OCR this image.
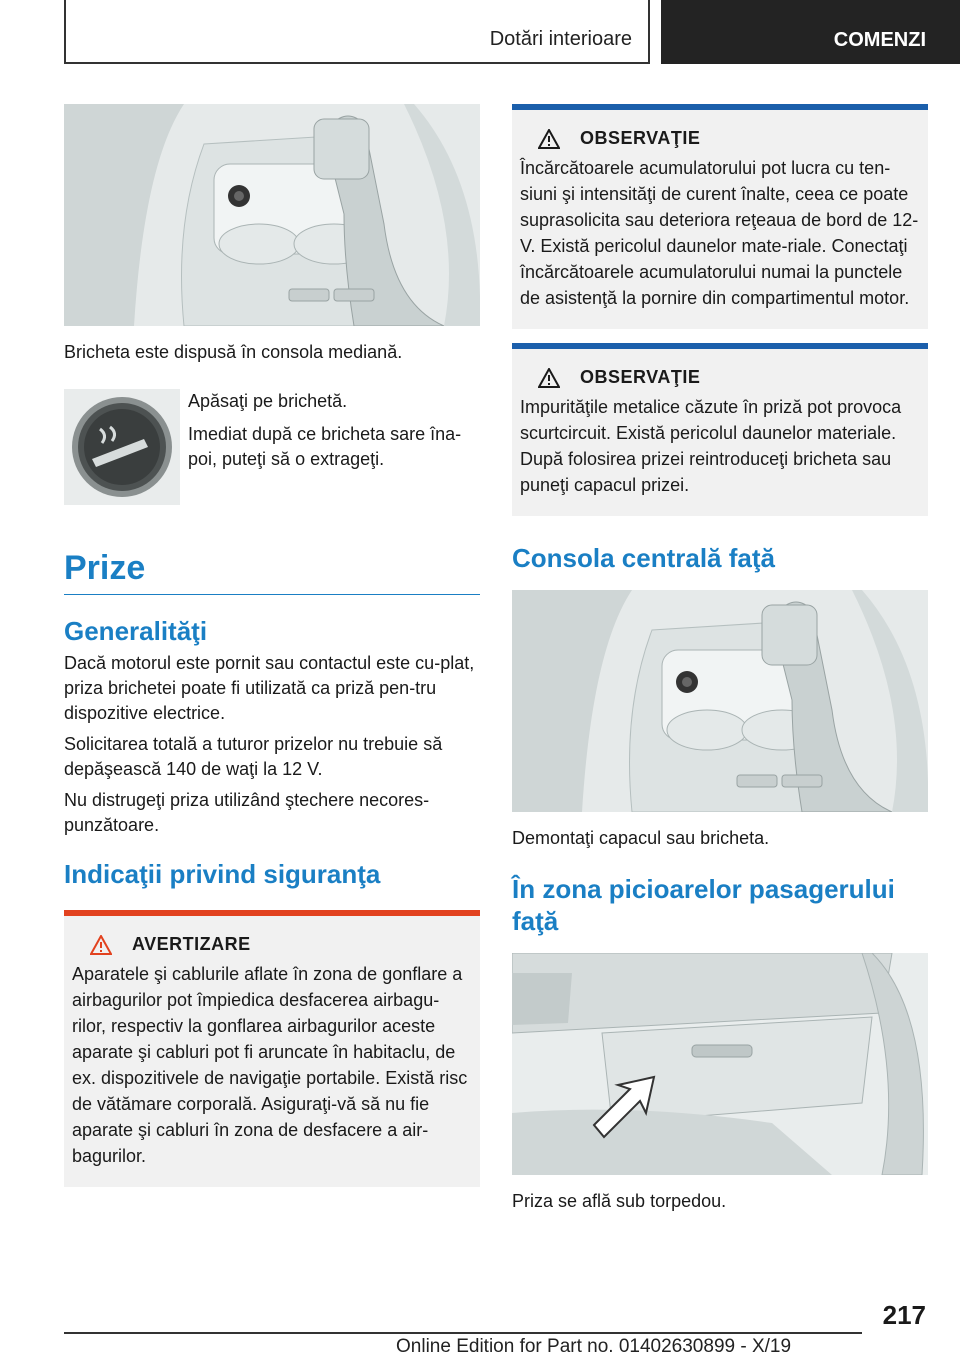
Dotări interioare	COMENZI
Bricheta este dispusă în consola mediană.

Apăsaţi pe brichetă.

Imediat după ce bricheta sare îna-poi, puteţi să o extrageţi.

Prize
Generalităţi

Dacă motorul este pornit sau contactul este cu-plat, priza brichetei poate fi utilizată ca priză pen-tru dispozitive electrice.

Solicitarea totală a tuturor prizelor nu trebuie să depăşească 140 de waţi la 12 V.

Nu distrugeţi priza utilizând ştechere necores-punzătoare.

Indicaţii privind siguranţa
AVERTIZARE
Aparatele şi cablurile aflate în zona de gonflare a airbagurilor pot împiedica desfacerea airbagu-rilor, respectiv la gonflarea airbagurilor aceste aparate şi cabluri pot fi aruncate în habitaclu, de ex. dispozitivele de navigaţie portabile. Există risc de vătămare corporală. Asiguraţi-vă să nu fie aparate şi cabluri în zona de desfacere a air-bagurilor.
OBSERVAŢIE
Încărcătoarele acumulatorului pot lucra cu ten-siuni şi intensităţi de curent înalte, ceea ce poate suprasolicita sau deteriora reţeaua de bord de 12-V. Există pericolul daunelor mate-riale. Conectaţi încărcătoarele acumulatorului numai la punctele de asistenţă la pornire din compartimentul motor.
OBSERVAŢIE
Impurităţile metalice căzute în priză pot provoca scurtcircuit. Există pericolul daunelor materiale. După folosirea prizei reintroduceţi bricheta sau puneţi capacul prizei.
Consola centrală faţă
Demontaţi capacul sau bricheta.
În zona picioarelor pasagerului faţă
Priza se află sub torpedou.
217
Online Edition for Part no. 01402630899 - X/19
